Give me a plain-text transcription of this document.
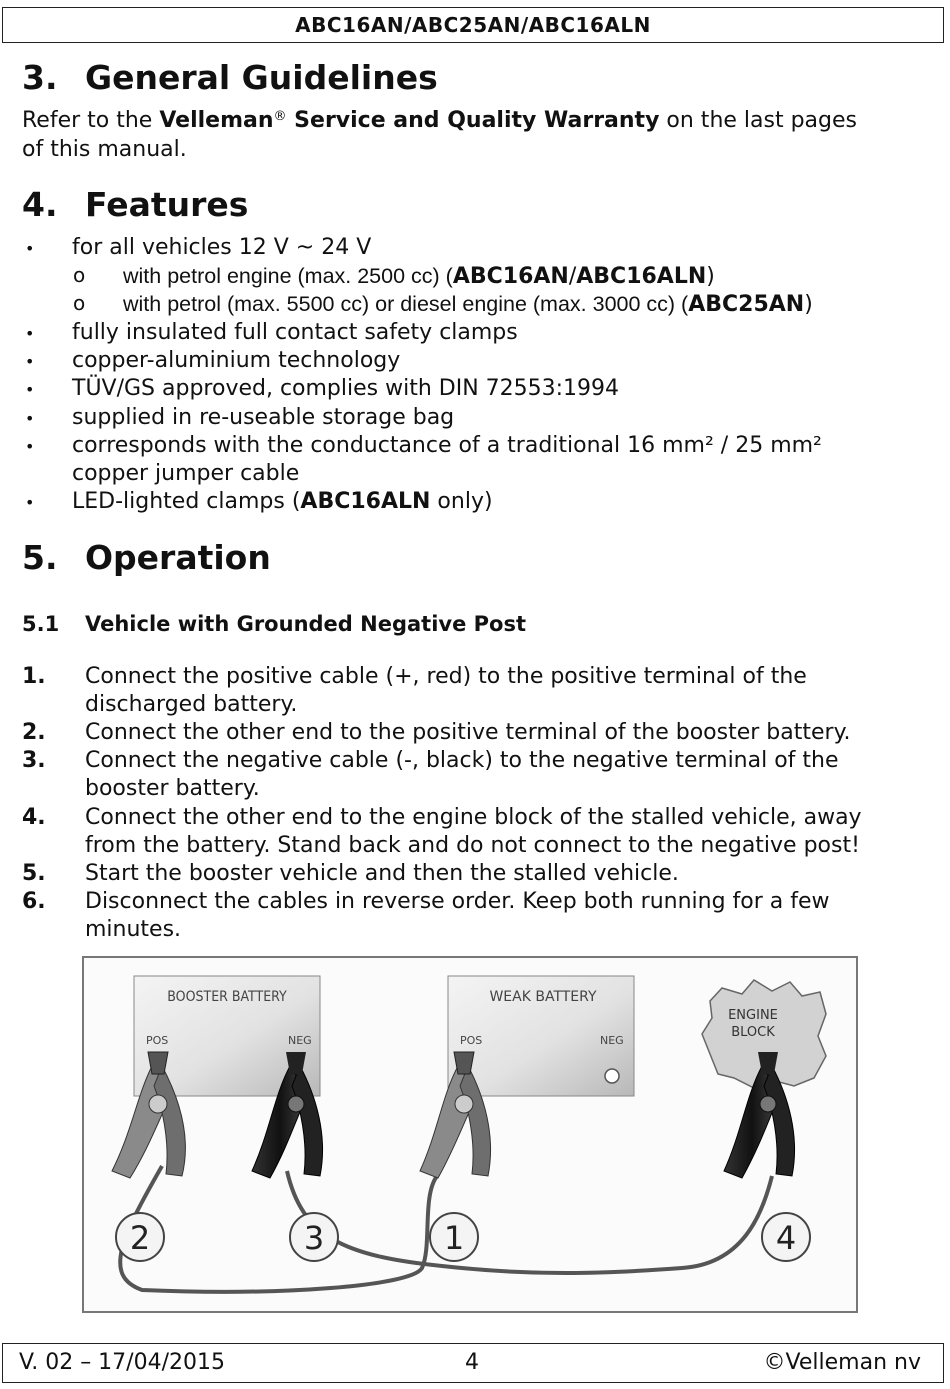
ABC16AN/ABC25AN/ABC16ALN
3. General Guidelines
Refer to the Velleman® Service and Quality Warranty on the last pages
of this manual.
4. Features
• for all vehicles 12 V ~ 24 V
o with petrol engine (max. 2500 cc) (ABC16AN/ABC16ALN)
o with petrol (max. 5500 cc) or diesel engine (max. 3000 cc) (ABC25AN)
• fully insulated full contact safety clamps
• copper-aluminium technology
• TÜV/GS approved, complies with DIN 72553:1994
• supplied in re-useable storage bag
• corresponds with the conductance of a traditional 16 mm² / 25 mm²
copper jumper cable
• LED-lighted clamps (ABC16ALN only)
5. Operation
5.1 Vehicle with Grounded Negative Post
1. Connect the positive cable (+, red) to the positive terminal of the
discharged battery.
2. Connect the other end to the positive terminal of the booster battery.
3. Connect the negative cable (-, black) to the negative terminal of the
booster battery.
4. Connect the other end to the engine block of the stalled vehicle, away
from the battery. Stand back and do not connect to the negative post!
5. Start the booster vehicle and then the stalled vehicle.
6. Disconnect the cables in reverse order. Keep both running for a few
minutes.
BOOSTER BATTERY
POS	NEG
WEAK BATTERY
POS	NEG
ENGINE
BLOCK
2	3	1	4
V. 02 – 17/04/2015	4	©Velleman nv
